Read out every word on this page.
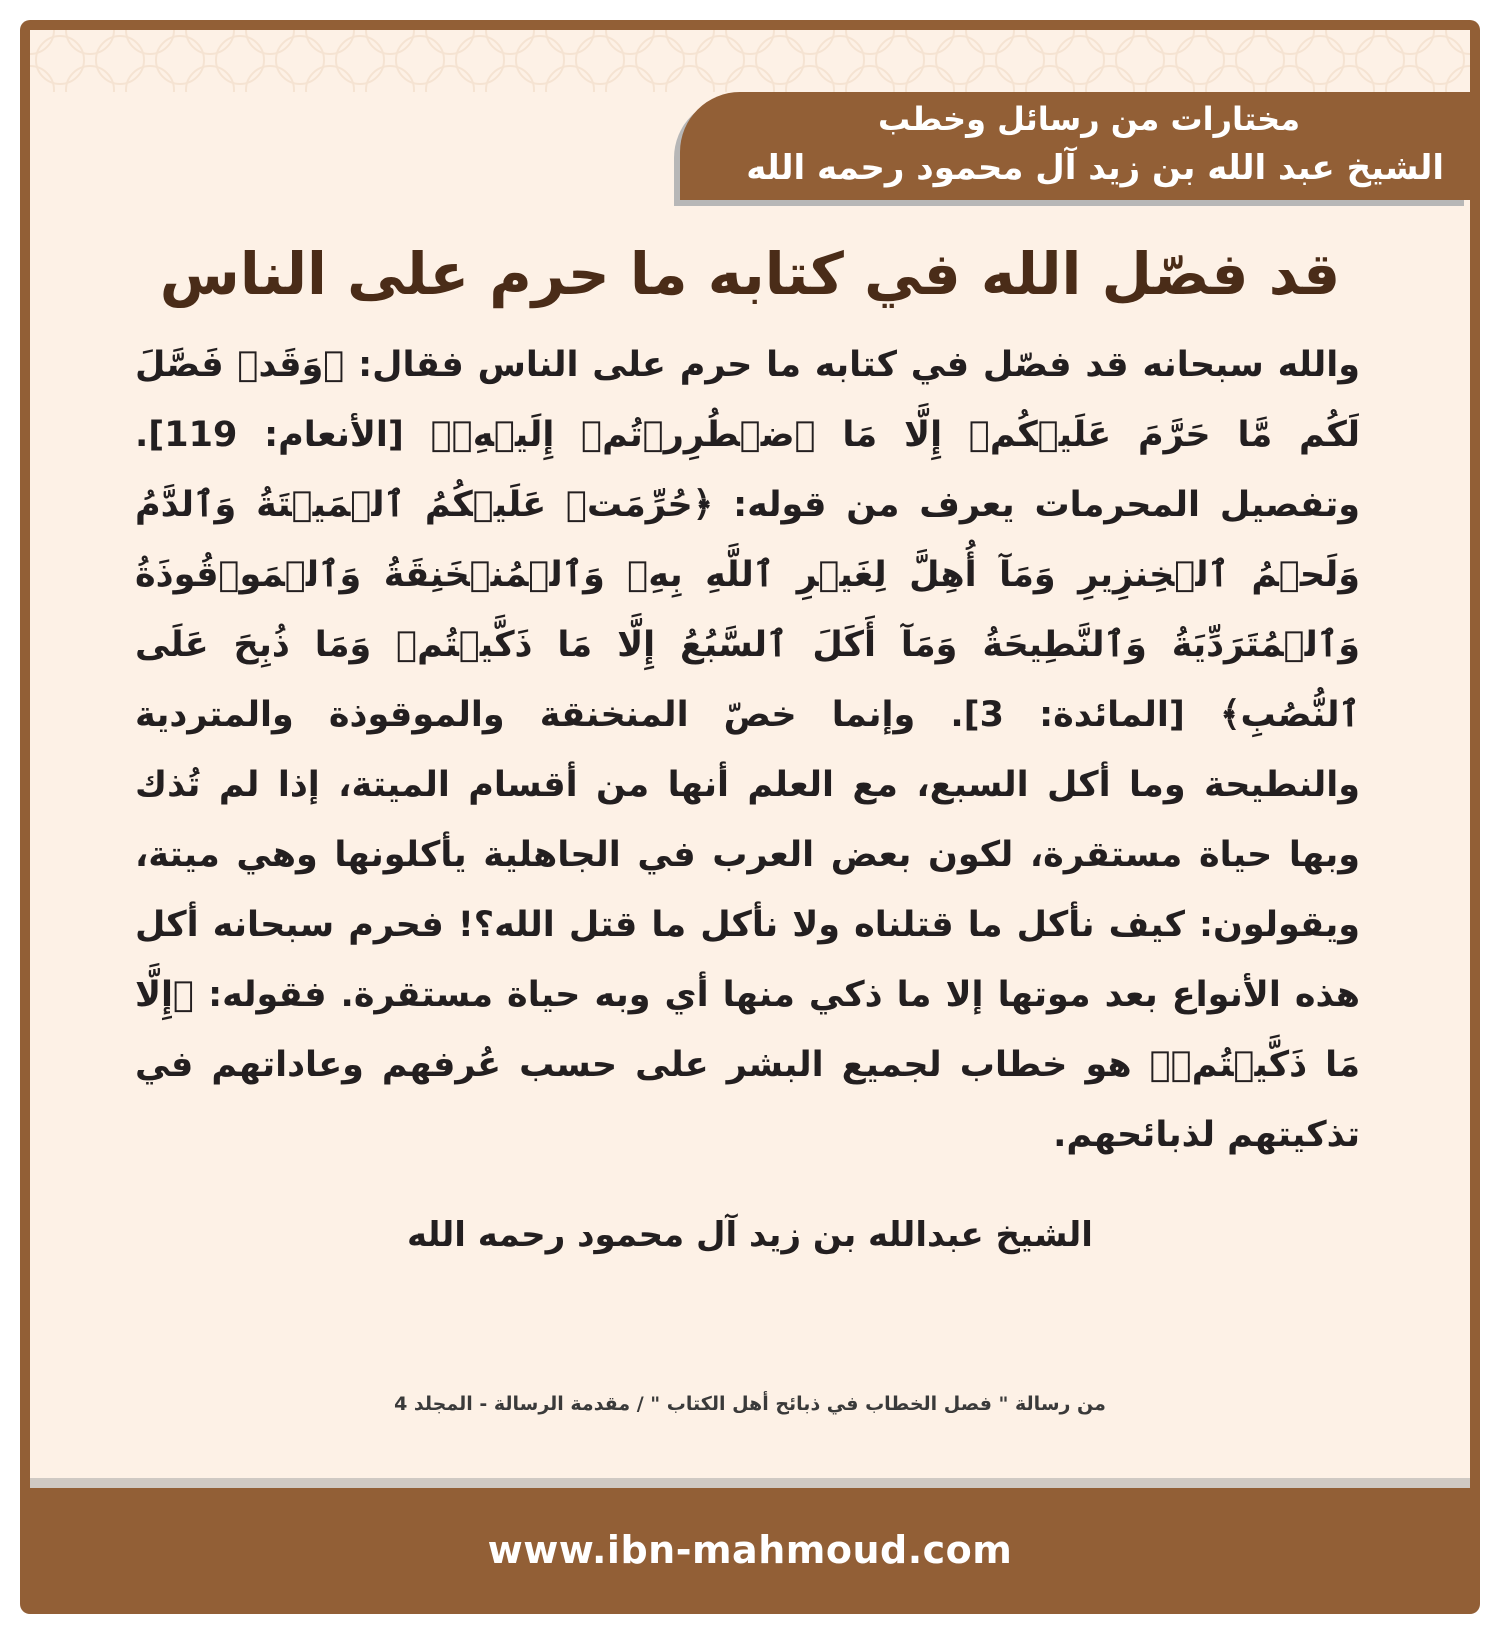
مختارات من رسائل وخطب
الشيخ عبد الله بن زيد آل محمود رحمه الله
قد فصّل الله في كتابه ما حرم على الناس

والله سبحانه قد فصّل في كتابه ما حرم على الناس فقال: ﴿وَقَدۡ فَصَّلَ لَكُم مَّا حَرَّمَ عَلَيۡكُمۡ إِلَّا مَا ٱضۡطُرِرۡتُمۡ إِلَيۡهِۗ﴾ [الأنعام: 119]. وتفصيل المحرمات يعرف من قوله: ﴿حُرِّمَتۡ عَلَيۡكُمُ ٱلۡمَيۡتَةُ وَٱلدَّمُ وَلَحۡمُ ٱلۡخِنزِيرِ وَمَآ أُهِلَّ لِغَيۡرِ ٱللَّهِ بِهِۦ وَٱلۡمُنۡخَنِقَةُ وَٱلۡمَوۡقُوذَةُ وَٱلۡمُتَرَدِّيَةُ وَٱلنَّطِيحَةُ وَمَآ أَكَلَ ٱلسَّبُعُ إِلَّا مَا ذَكَّيۡتُمۡ وَمَا ذُبِحَ عَلَى ٱلنُّصُبِ﴾ [المائدة: 3]. وإنما خصّ المنخنقة والموقوذة والمتردية والنطيحة وما أكل السبع، مع العلم أنها من أقسام الميتة، إذا لم تُذك وبها حياة مستقرة، لكون بعض العرب في الجاهلية يأكلونها وهي ميتة، ويقولون: كيف نأكل ما قتلناه ولا نأكل ما قتل الله؟! فحرم سبحانه أكل هذه الأنواع بعد موتها إلا ما ذكي منها أي وبه حياة مستقرة. فقوله: ﴿إِلَّا مَا ذَكَّيۡتُمۡ﴾ هو خطاب لجميع البشر على حسب عُرفهم وعاداتهم في تذكيتهم لذبائحهم.

الشيخ عبدالله بن زيد آل محمود رحمه الله
من رسالة " فصل الخطاب في ذبائح أهل الكتاب " / مقدمة الرسالة - المجلد 4
www.ibn-mahmoud.com
